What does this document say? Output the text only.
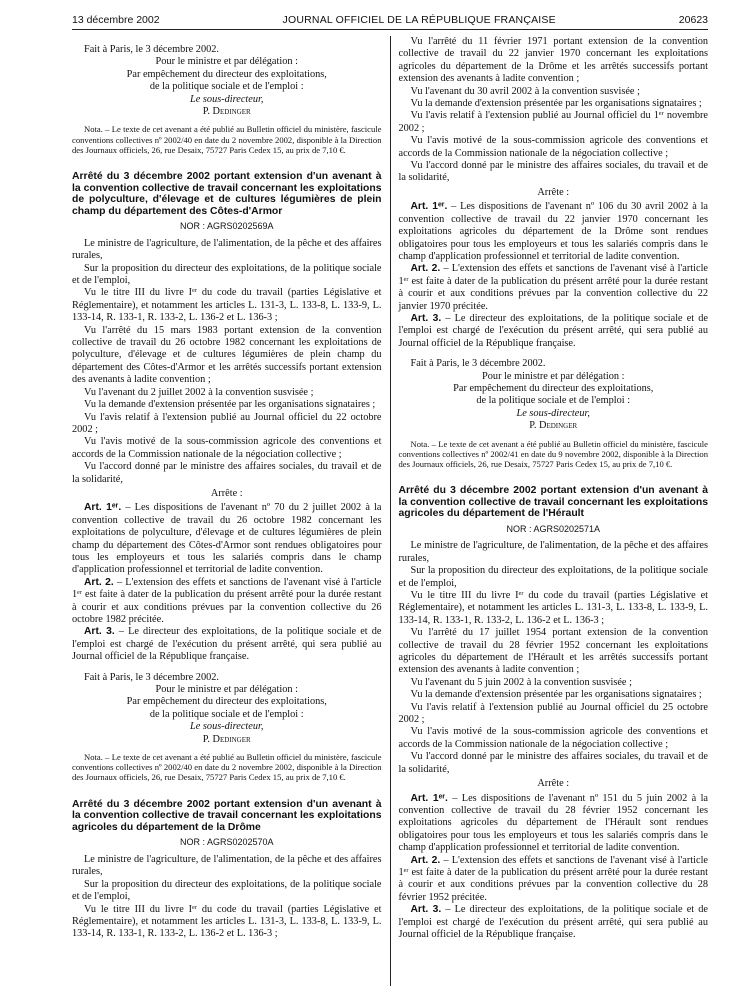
13 décembre 2002	JOURNAL OFFICIEL DE LA RÉPUBLIQUE FRANÇAISE	20623

Fait à Paris, le 3 décembre 2002.

Pour le ministre et par délégation :

Par empêchement du directeur des exploitations,

de la politique sociale et de l'emploi :

Le sous-directeur,

P. Dedinger

Nota. – Le texte de cet avenant a été publié au Bulletin officiel du ministère, fascicule conventions collectives nº 2002/40 en date du 2 novembre 2002, disponible à la Direction des Journaux officiels, 26, rue Desaix, 75727 Paris Cedex 15, au prix de 7,10 €.

Arrêté du 3 décembre 2002 portant extension d'un avenant à la convention collective de travail concernant les exploitations de polyculture, d'élevage et de cultures légumières de plein champ du département des Côtes-d'Armor

NOR : AGRS0202569A

Le ministre de l'agriculture, de l'alimentation, de la pêche et des affaires rurales,

Sur la proposition du directeur des exploitations, de la politique sociale et de l'emploi,

Vu le titre III du livre Iᵉʳ du code du travail (parties Législative et Réglementaire), et notamment les articles L. 131-3, L. 133-8, L. 133-9, L. 133-14, R. 133-1, R. 133-2, L. 136-2 et L. 136-3 ;

Vu l'arrêté du 15 mars 1983 portant extension de la convention collective de travail du 26 octobre 1982 concernant les exploitations de polyculture, d'élevage et de cultures légumières de plein champ du département des Côtes-d'Armor et les arrêtés successifs portant extension des avenants à ladite convention ;

Vu l'avenant du 2 juillet 2002 à la convention susvisée ;

Vu la demande d'extension présentée par les organisations signataires ;

Vu l'avis relatif à l'extension publié au Journal officiel du 22 octobre 2002 ;

Vu l'avis motivé de la sous-commission agricole des conventions et accords de la Commission nationale de la négociation collective ;

Vu l'accord donné par le ministre des affaires sociales, du travail et de la solidarité,

Arrête :

Art. 1ᵉʳ. – Les dispositions de l'avenant nº 70 du 2 juillet 2002 à la convention collective de travail du 26 octobre 1982 concernant les exploitations de polyculture, d'élevage et de cultures légumières de plein champ du département des Côtes-d'Armor sont rendues obligatoires pour tous les employeurs et tous les salariés compris dans le champ d'application professionnel et territorial de ladite convention.

Art. 2. – L'extension des effets et sanctions de l'avenant visé à l'article 1ᵉʳ est faite à dater de la publication du présent arrêté pour la durée restant à courir et aux conditions prévues par la convention collective du 26 octobre 1982 précitée.

Art. 3. – Le directeur des exploitations, de la politique sociale et de l'emploi est chargé de l'exécution du présent arrêté, qui sera publié au Journal officiel de la République française.

Fait à Paris, le 3 décembre 2002.

Pour le ministre et par délégation :

Par empêchement du directeur des exploitations,

de la politique sociale et de l'emploi :

Le sous-directeur,

P. Dedinger

Nota. – Le texte de cet avenant a été publié au Bulletin officiel du ministère, fascicule conventions collectives nº 2002/40 en date du 2 novembre 2002, disponible à la Direction des Journaux officiels, 26, rue Desaix, 75727 Paris Cedex 15, au prix de 7,10 €.

Arrêté du 3 décembre 2002 portant extension d'un avenant à la convention collective de travail concernant les exploitations agricoles du département de la Drôme

NOR : AGRS0202570A

Le ministre de l'agriculture, de l'alimentation, de la pêche et des affaires rurales,

Sur la proposition du directeur des exploitations, de la politique sociale et de l'emploi,

Vu le titre III du livre Iᵉʳ du code du travail (parties Législative et Réglementaire), et notamment les articles L. 131-3, L. 133-8, L. 133-9, L. 133-14, R. 133-1, R. 133-2, L. 136-2 et L. 136-3 ;

Vu l'arrêté du 11 février 1971 portant extension de la convention collective de travail du 22 janvier 1970 concernant les exploitations agricoles du département de la Drôme et les arrêtés successifs portant extension des avenants à ladite convention ;

Vu l'avenant du 30 avril 2002 à la convention susvisée ;

Vu la demande d'extension présentée par les organisations signataires ;

Vu l'avis relatif à l'extension publié au Journal officiel du 1ᵉʳ novembre 2002 ;

Vu l'avis motivé de la sous-commission agricole des conventions et accords de la Commission nationale de la négociation collective ;

Vu l'accord donné par le ministre des affaires sociales, du travail et de la solidarité,

Arrête :

Art. 1ᵉʳ. – Les dispositions de l'avenant nº 106 du 30 avril 2002 à la convention collective de travail du 22 janvier 1970 concernant les exploitations agricoles du département de la Drôme sont rendues obligatoires pour tous les employeurs et tous les salariés compris dans le champ d'application professionnel et territorial de ladite convention.

Art. 2. – L'extension des effets et sanctions de l'avenant visé à l'article 1ᵉʳ est faite à dater de la publication du présent arrêté pour la durée restant à courir et aux conditions prévues par la convention collective du 22 janvier 1970 précitée.

Art. 3. – Le directeur des exploitations, de la politique sociale et de l'emploi est chargé de l'exécution du présent arrêté, qui sera publié au Journal officiel de la République française.

Fait à Paris, le 3 décembre 2002.

Pour le ministre et par délégation :

Par empêchement du directeur des exploitations,

de la politique sociale et de l'emploi :

Le sous-directeur,

P. Dedinger

Nota. – Le texte de cet avenant a été publié au Bulletin officiel du ministère, fascicule conventions collectives nº 2002/41 en date du 9 novembre 2002, disponible à la Direction des Journaux officiels, 26, rue Desaix, 75727 Paris Cedex 15, au prix de 7,10 €.

Arrêté du 3 décembre 2002 portant extension d'un avenant à la convention collective de travail concernant les exploitations agricoles du département de l'Hérault

NOR : AGRS0202571A

Le ministre de l'agriculture, de l'alimentation, de la pêche et des affaires rurales,

Sur la proposition du directeur des exploitations, de la politique sociale et de l'emploi,

Vu le titre III du livre Iᵉʳ du code du travail (parties Législative et Réglementaire), et notamment les articles L. 131-3, L. 133-8, L. 133-9, L. 133-14, R. 133-1, R. 133-2, L. 136-2 et L. 136-3 ;

Vu l'arrêté du 17 juillet 1954 portant extension de la convention collective de travail du 28 février 1952 concernant les exploitations agricoles du département de l'Hérault et les arrêtés successifs portant extension des avenants à ladite convention ;

Vu l'avenant du 5 juin 2002 à la convention susvisée ;

Vu la demande d'extension présentée par les organisations signataires ;

Vu l'avis relatif à l'extension publié au Journal officiel du 25 octobre 2002 ;

Vu l'avis motivé de la sous-commission agricole des conventions et accords de la Commission nationale de la négociation collective ;

Vu l'accord donné par le ministre des affaires sociales, du travail et de la solidarité,

Arrête :

Art. 1ᵉʳ. – Les dispositions de l'avenant nº 151 du 5 juin 2002 à la convention collective de travail du 28 février 1952 concernant les exploitations agricoles du département de l'Hérault sont rendues obligatoires pour tous les employeurs et tous les salariés compris dans le champ d'application professionnel et territorial de ladite convention.

Art. 2. – L'extension des effets et sanctions de l'avenant visé à l'article 1ᵉʳ est faite à dater de la publication du présent arrêté pour la durée restant à courir et aux conditions prévues par la convention collective du 28 février 1952 précitée.

Art. 3. – Le directeur des exploitations, de la politique sociale et de l'emploi est chargé de l'exécution du présent arrêté, qui sera publié au Journal officiel de la République française.
